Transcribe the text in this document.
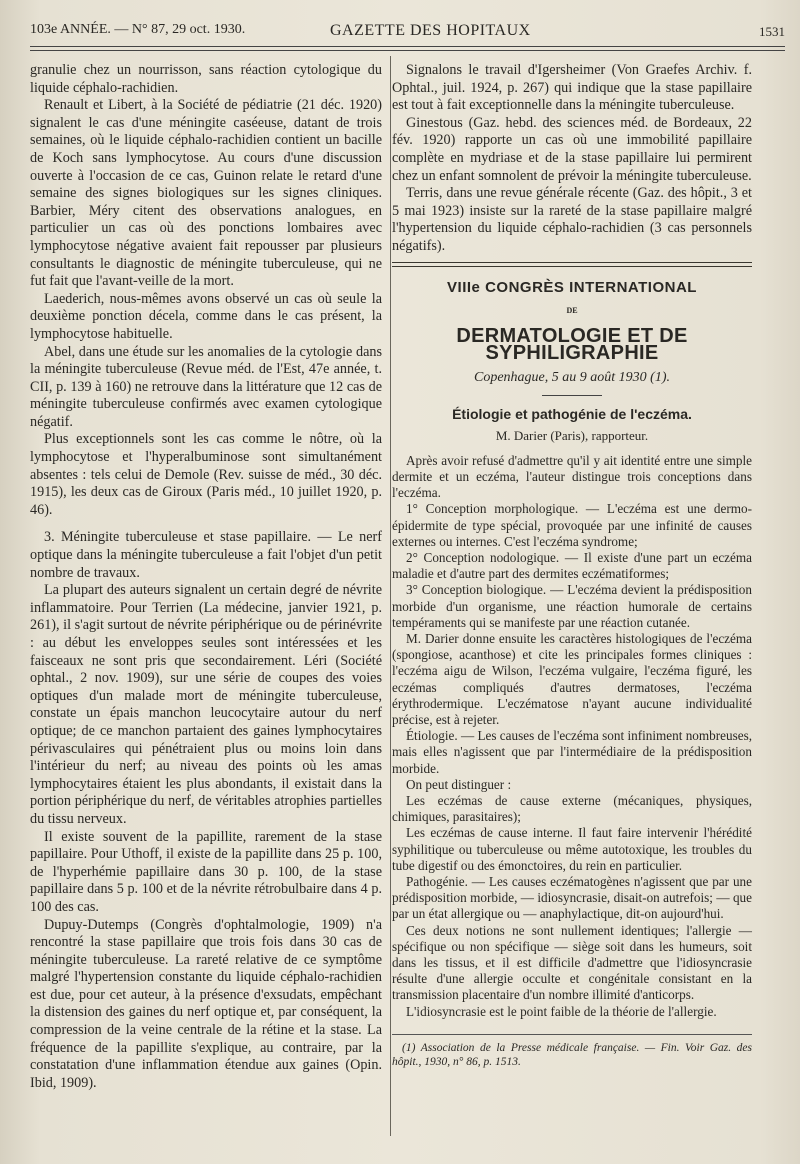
103e ANNÉE. — N° 87, 29 oct. 1930.	GAZETTE DES HOPITAUX	1531

granulie chez un nourrisson, sans réaction cytologique du liquide céphalo-rachidien.

Renault et Libert, à la Société de pédiatrie (21 déc. 1920) signalent le cas d'une méningite caséeuse, datant de trois semaines, où le liquide céphalo-rachidien contient un bacille de Koch sans lymphocytose. Au cours d'une discussion ouverte à l'occasion de ce cas, Guinon relate le retard d'une semaine des signes biologiques sur les signes cliniques. Barbier, Méry citent des observations analogues, en particulier un cas où des ponctions lombaires avec lymphocytose négative avaient fait repousser par plusieurs consultants le diagnostic de méningite tuberculeuse, qui ne fut fait que l'avant-veille de la mort.

Laederich, nous-mêmes avons observé un cas où seule la deuxième ponction décela, comme dans le cas présent, la lymphocytose habituelle.

Abel, dans une étude sur les anomalies de la cytologie dans la méningite tuberculeuse (Revue méd. de l'Est, 47e année, t. CII, p. 139 à 160) ne retrouve dans la littérature que 12 cas de méningite tuberculeuse confirmés avec examen cytologique négatif.

Plus exceptionnels sont les cas comme le nôtre, où la lymphocytose et l'hyperalbuminose sont simultanément absentes : tels celui de Demole (Rev. suisse de méd., 30 déc. 1915), les deux cas de Giroux (Paris méd., 10 juillet 1920, p. 46).

3. Méningite tuberculeuse et stase papillaire. — Le nerf optique dans la méningite tuberculeuse a fait l'objet d'un petit nombre de travaux.

La plupart des auteurs signalent un certain degré de névrite inflammatoire. Pour Terrien (La médecine, janvier 1921, p. 261), il s'agit surtout de névrite périphérique ou de périnévrite : au début les enveloppes seules sont intéressées et les faisceaux ne sont pris que secondairement. Léri (Société ophtal., 2 nov. 1909), sur une série de coupes des voies optiques d'un malade mort de méningite tuberculeuse, constate un épais manchon leucocytaire autour du nerf optique; de ce manchon partaient des gaines lymphocytaires périvasculaires qui pénétraient plus ou moins loin dans l'intérieur du nerf; au niveau des points où les amas lymphocytaires étaient les plus abondants, il existait dans la portion périphérique du nerf, de véritables atrophies partielles du tissu nerveux.

Il existe souvent de la papillite, rarement de la stase papillaire. Pour Uthoff, il existe de la papillite dans 25 p. 100, de l'hyperhémie papillaire dans 30 p. 100, de la stase papillaire dans 5 p. 100 et de la névrite rétrobulbaire dans 4 p. 100 des cas.

Dupuy-Dutemps (Congrès d'ophtalmologie, 1909) n'a rencontré la stase papillaire que trois fois dans 30 cas de méningite tuberculeuse. La rareté relative de ce symptôme malgré l'hypertension constante du liquide céphalo-rachidien est due, pour cet auteur, à la présence d'exsudats, empêchant la distension des gaines du nerf optique et, par conséquent, la compression de la veine centrale de la rétine et la stase. La fréquence de la papillite s'explique, au contraire, par la constatation d'une inflammation étendue aux gaines (Opin. Ibid, 1909).

Signalons le travail d'Igersheimer (Von Graefes Archiv. f. Ophtal., juil. 1924, p. 267) qui indique que la stase papillaire est tout à fait exceptionnelle dans la méningite tuberculeuse.

Ginestous (Gaz. hebd. des sciences méd. de Bordeaux, 22 fév. 1920) rapporte un cas où une immobilité papillaire complète en mydriase et de la stase papillaire lui permirent chez un enfant somnolent de prévoir la méningite tuberculeuse.

Terris, dans une revue générale récente (Gaz. des hôpit., 3 et 5 mai 1923) insiste sur la rareté de la stase papillaire malgré l'hypertension du liquide céphalo-rachidien (3 cas personnels négatifs).

VIIIe CONGRÈS INTERNATIONAL
DE
DERMATOLOGIE ET DE SYPHILIGRAPHIE
Copenhague, 5 au 9 août 1930 (1).
Étiologie et pathogénie de l'eczéma.
M. Darier (Paris), rapporteur.

Après avoir refusé d'admettre qu'il y ait identité entre une simple dermite et un eczéma, l'auteur distingue trois conceptions dans l'eczéma.

1° Conception morphologique. — L'eczéma est une dermo-épidermite de type spécial, provoquée par une infinité de causes externes ou internes. C'est l'eczéma syndrome;

2° Conception nodologique. — Il existe d'une part un eczéma maladie et d'autre part des dermites eczématiformes;

3° Conception biologique. — L'eczéma devient la prédisposition morbide d'un organisme, une réaction humorale de certains tempéraments qui se manifeste par une réaction cutanée.

M. Darier donne ensuite les caractères histologiques de l'eczéma (spongiose, acanthose) et cite les principales formes cliniques : l'eczéma aigu de Wilson, l'eczéma vulgaire, l'eczéma figuré, les eczémas compliqués d'autres dermatoses, l'eczéma érythrodermique. L'eczématose n'ayant aucune individualité précise, est à rejeter.

Étiologie. — Les causes de l'eczéma sont infiniment nombreuses, mais elles n'agissent que par l'intermédiaire de la prédisposition morbide.

On peut distinguer :

Les eczémas de cause externe (mécaniques, physiques, chimiques, parasitaires);

Les eczémas de cause interne. Il faut faire intervenir l'hérédité syphilitique ou tuberculeuse ou même autotoxique, les troubles du tube digestif ou des émonctoires, du rein en particulier.

Pathogénie. — Les causes eczématogènes n'agissent que par une prédisposition morbide, — idiosyncrasie, disait-on autrefois; — que par un état allergique ou — anaphylactique, dit-on aujourd'hui.

Ces deux notions ne sont nullement identiques; l'allergie — spécifique ou non spécifique — siège soit dans les humeurs, soit dans les tissus, et il est difficile d'admettre que l'idiosyncrasie résulte d'une allergie occulte et congénitale consistant en la transmission placentaire d'un nombre illimité d'anticorps.

L'idiosyncrasie est le point faible de la théorie de l'allergie.

(1) Association de la Presse médicale française. — Fin. Voir Gaz. des hôpit., 1930, n° 86, p. 1513.
